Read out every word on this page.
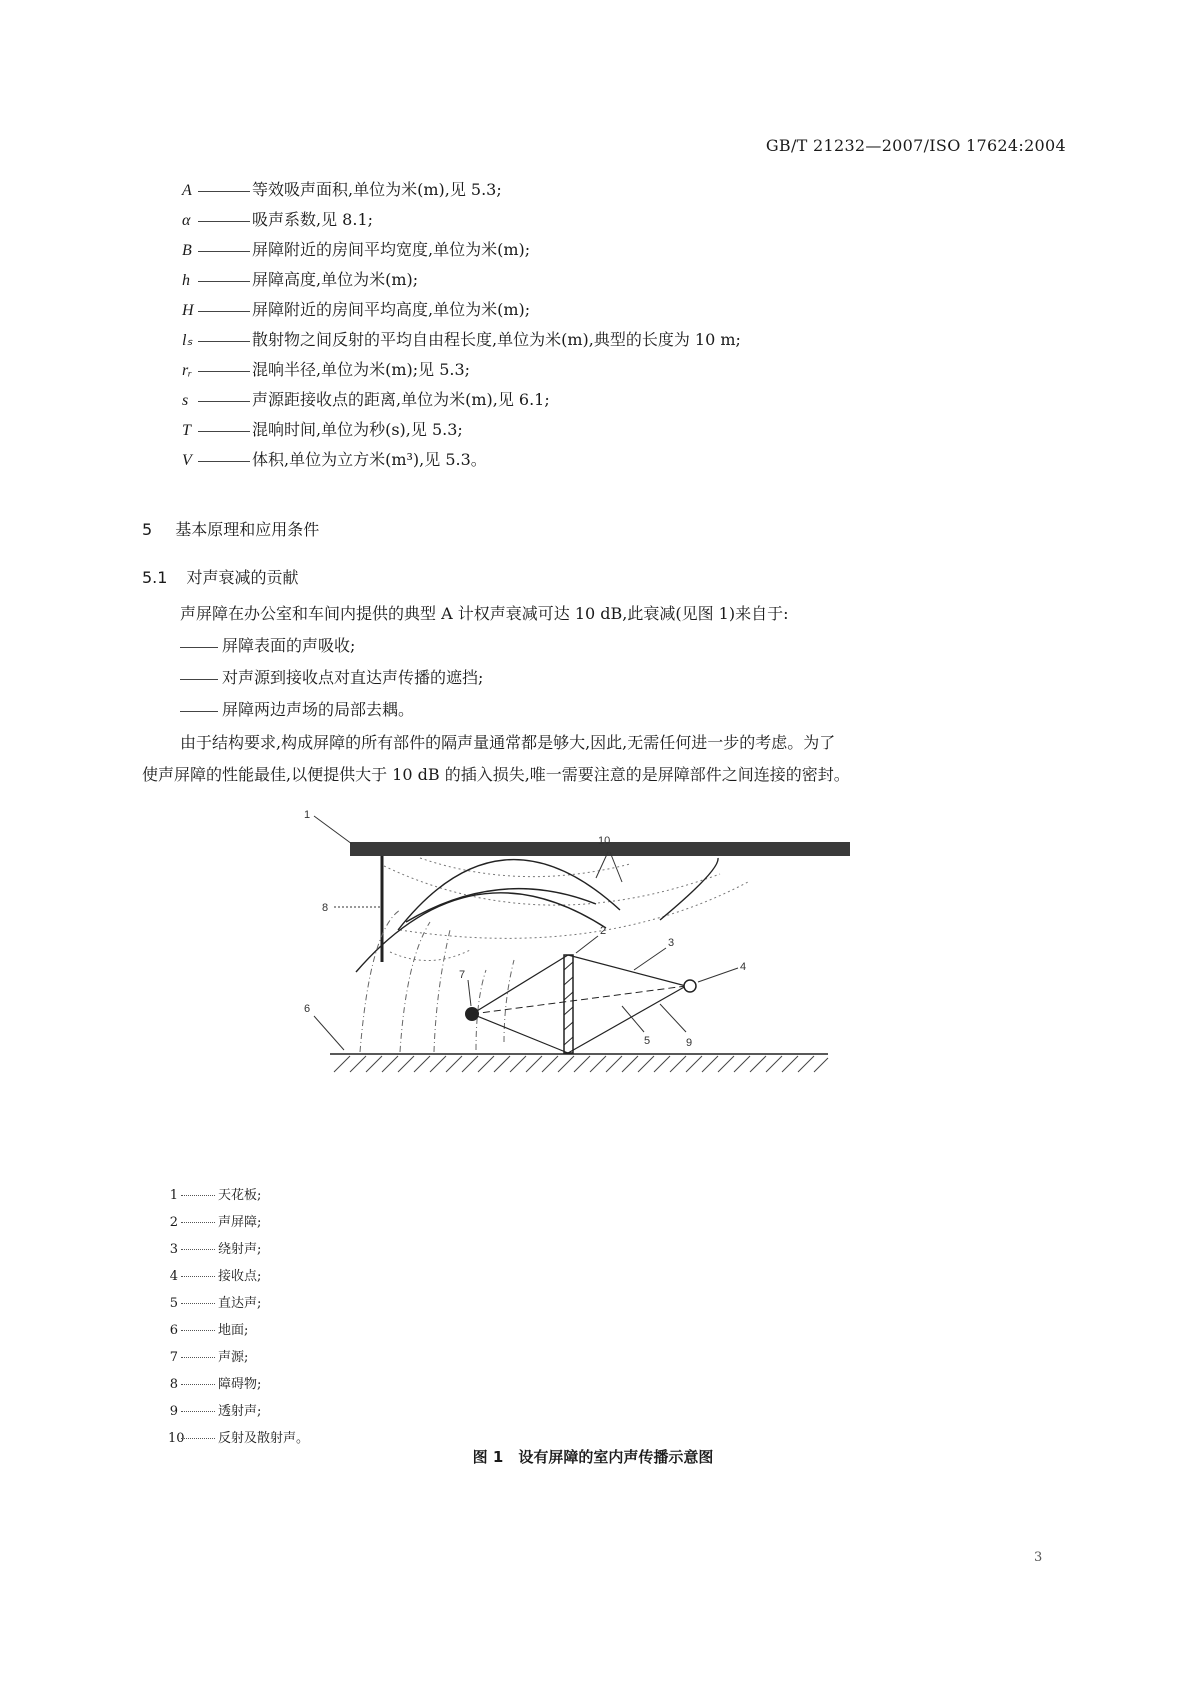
GB/T 21232—2007/ISO 17624:2004
A	等效吸声面积,单位为米(m),见 5.3;
α	吸声系数,见 8.1;
B	屏障附近的房间平均宽度,单位为米(m);
h	屏障高度,单位为米(m);
H	屏障附近的房间平均高度,单位为米(m);
lₛ	散射物之间反射的平均自由程长度,单位为米(m),典型的长度为 10 m;
rᵣ	混响半径,单位为米(m);见 5.3;
s	声源距接收点的距离,单位为米(m),见 6.1;
T	混响时间,单位为秒(s),见 5.3;
V	体积,单位为立方米(m³),见 5.3。
5 基本原理和应用条件
5.1 对声衰减的贡献
声屏障在办公室和车间内提供的典型 A 计权声衰减可达 10 dB,此衰减(见图 1)来自于:
屏障表面的声吸收;
对声源到接收点对直达声传播的遮挡;
屏障两边声场的局部去耦。
由于结构要求,构成屏障的所有部件的隔声量通常都是够大,因此,无需任何进一步的考虑。为了
使声屏障的性能最佳,以便提供大于 10 dB 的插入损失,唯一需要注意的是屏障部件之间连接的密封。
1
8
10
7
2
3
4
5	9
6
1	天花板;
2	声屏障;
3	绕射声;
4	接收点;
5	直达声;
6	地面;
7	声源;
8	障碍物;
9	透射声;
10	反射及散射声。
图 1　设有屏障的室内声传播示意图
3
